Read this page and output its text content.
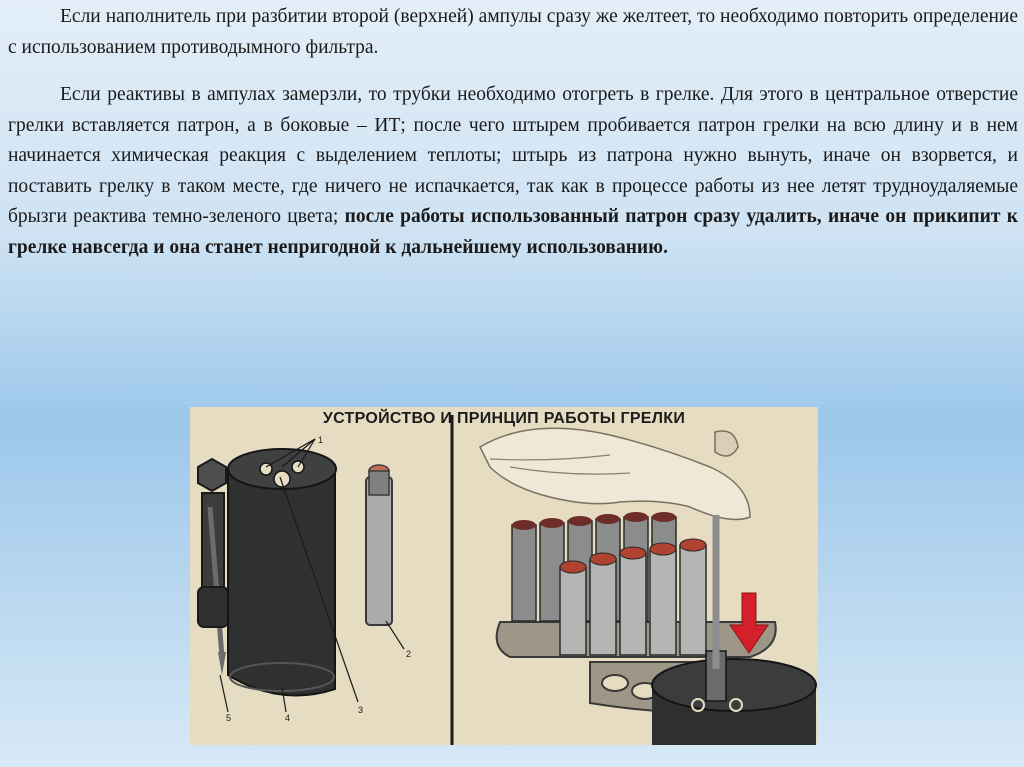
Если наполнитель при разбитии второй (верхней) ампулы сразу же желтеет, то необходимо повторить определение с использованием противодымного фильтра.

Если реактивы в ампулах замерзли, то трубки необходимо отогреть в грелке. Для этого в центральное отверстие грелки вставляется патрон, а в боковые – ИТ; после чего штырем пробивается патрон грелки на всю длину и в нем начинается химическая реакция с выделением теплоты; штырь из патрона нужно вынуть, иначе он взорвется, и поставить грелку в таком месте, где ничего не испачкается, так как в процессе работы из нее летят трудноудаляемые брызги реактива темно-зеленого цвета; после работы использованный патрон сразу удалить, иначе он прикипит к грелке навсегда и она станет непригодной к дальнейшему использованию.

1
2
3
4
5
УСТРОЙСТВО И ПРИНЦИП РАБОТЫ ГРЕЛКИ
